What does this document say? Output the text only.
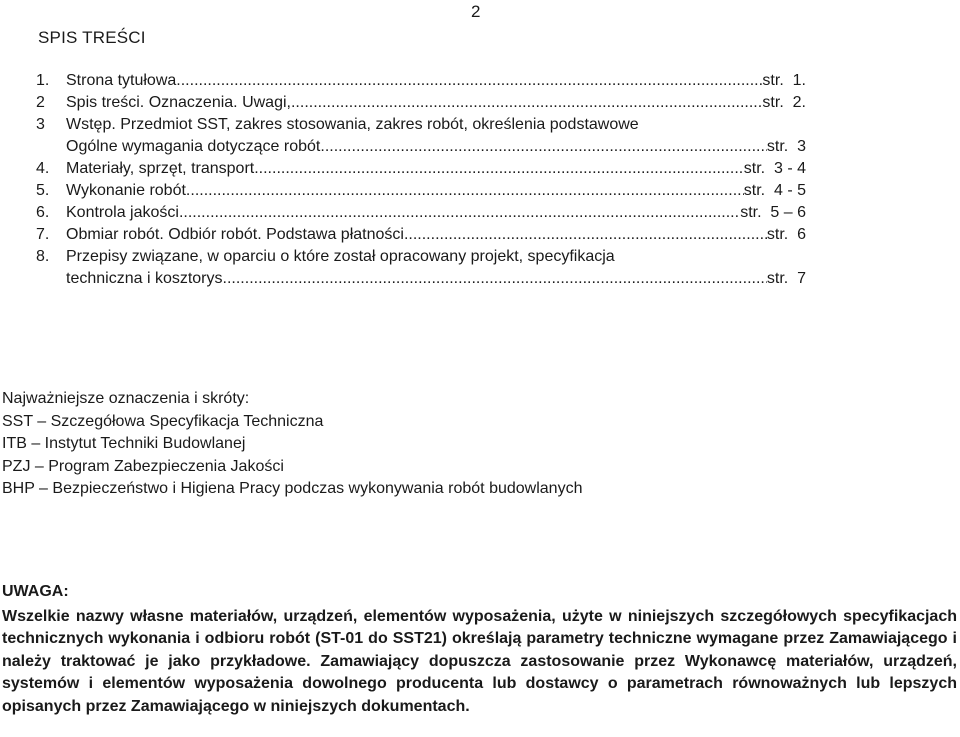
2
SPIS TREŚCI
1.	Strona tytułowa .....	str.  1.
2	Spis treści. Oznaczenia. Uwagi, .....	str.  2.
3	Wstęp. Przedmiot SST, zakres stosowania, zakres robót, określenia podstawowe
Ogólne wymagania dotyczące robót .....	str.  3
4.	Materiały, sprzęt, transport .....	str.  3 - 4
5.	Wykonanie robót .....	str.  4 - 5
6.	Kontrola jakości .....	str.  5 – 6
7.	Obmiar robót. Odbiór robót. Podstawa płatności .....	str.  6
8.	Przepisy związane, w oparciu o które został opracowany projekt, specyfikacja
techniczna i kosztorys .....	str.  7
Najważniejsze oznaczenia i skróty:
SST – Szczegółowa Specyfikacja Techniczna
ITB – Instytut Techniki Budowlanej
PZJ – Program Zabezpieczenia Jakości
BHP – Bezpieczeństwo i Higiena Pracy podczas wykonywania robót budowlanych
UWAGA:
Wszelkie nazwy własne materiałów, urządzeń, elementów wyposażenia, użyte w niniejszych szczegółowych specyfikacjach technicznych wykonania i odbioru robót (ST-01 do SST21) określają parametry techniczne wymagane przez Zamawiającego i należy traktować je jako przykładowe. Zamawiający dopuszcza zastosowanie przez Wykonawcę materiałów, urządzeń, systemów i elementów wyposażenia dowolnego producenta lub dostawcy o parametrach równoważnych lub lepszych opisanych przez Zamawiającego w niniejszych dokumentach.
